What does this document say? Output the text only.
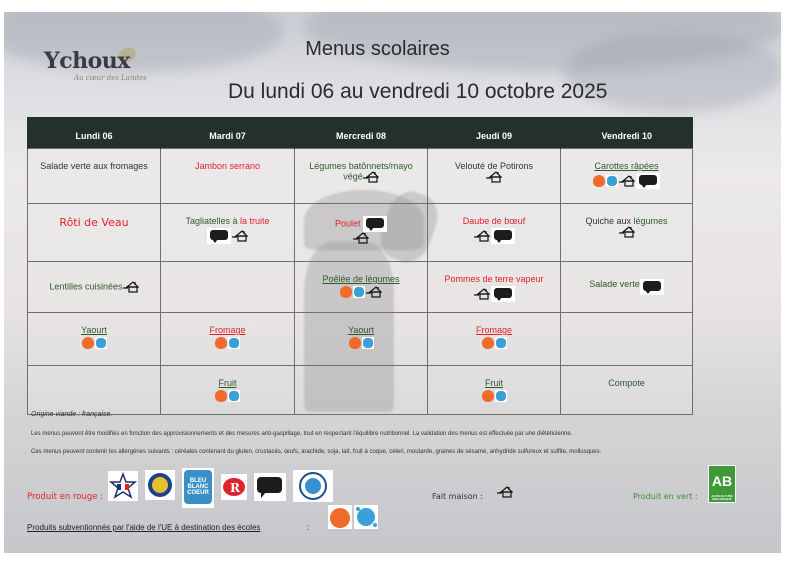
Ychoux
Au cœur des Landes
Menus scolaires
Du lundi 06 au vendredi 10 octobre 2025
Lundi 06	Mardi 07	Mercredi 08	Jeudi 09	Vendredi 10
Salade verte aux fromages	Jambon serrano	Légumes batônnets/mayo végé	Velouté de Potirons	Carottes râpées

Rôti de Veau	Tagliatelles à la truite	Poulet	Daube de bœuf	Quiche aux légumes

Lentilles cuisinées		Poêlée de légumes	Pommes de terre vapeur	Salade verte
Yaourt	Fromage	Yaourt	Fromage

	Fruit		Fruit	Compote
Origine viande : française.
Les menus peuvent être modifiés en fonction des approvisionnements et des mesures anti-gaspillage, tout en respectant l'équilibre nutritionnel. La validation des menus est effectuée par une diététicienne.
Ces menus peuvent contenir les allergènes suivants : céréales contenant du gluten, crustacés, œufs, arachide, soja, lait, fruit à coque, céleri, moutarde, graines de sésame, anhydride sulfureux et sulfite, mollusques.
Produit en rouge :
BLEU
BLANC
COEUR R
Fait maison :	Produit en vert :
AB
AGRICULTURE BIOLOGIQUE
Produits subventionnés par l'aide de l'UE à destination des écoles	:
